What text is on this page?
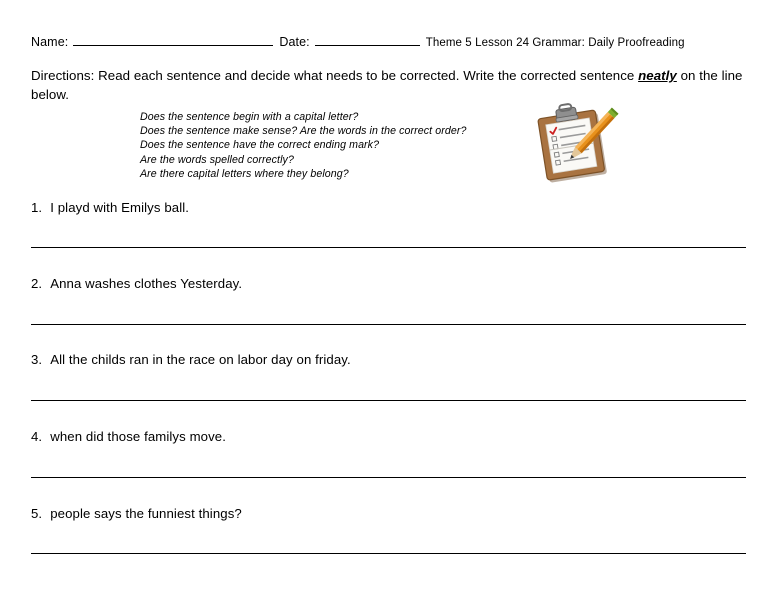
Name:	Date:	Theme 5 Lesson 24 Grammar: Daily Proofreading
Directions: Read each sentence and decide what needs to be corrected. Write the corrected sentence neatly on the line below.
Does the sentence begin with a capital letter?
Does the sentence make sense? Are the words in the correct order?
Does the sentence have the correct ending mark?
Are the words spelled correctly?
Are there capital letters where they belong?
1. I playd with Emilys ball.
2. Anna washes clothes Yesterday.
3. All the childs ran in the race on labor day on friday.
4. when did those familys move.
5. people says the funniest things?
